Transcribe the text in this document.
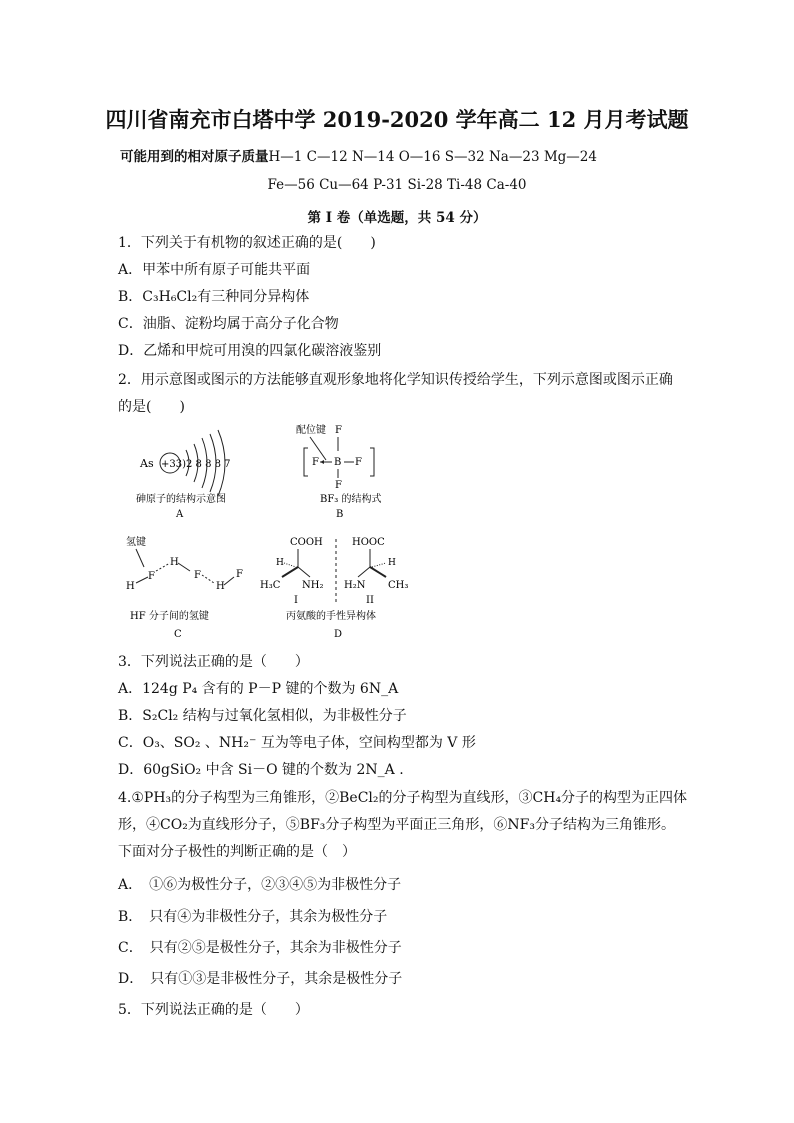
四川省南充市白塔中学 2019-2020 学年高二 12 月月考试题
可能用到的相对原子质量H—1 C—12 N—14 O—16 S—32 Na—23 Mg—24
Fe—56 Cu—64 P-31 Si-28 Ti-48 Ca-40
第 I 卷（单选题，共 54 分）
1．下列关于有机物的叙述正确的是(　　)
A．甲苯中所有原子可能共平面
B．C₃H₆Cl₂有三种同分异构体
C．油脂、淀粉均属于高分子化合物
D．乙烯和甲烷可用溴的四氯化碳溶液鉴别
2．用示意图或图示的方法能够直观形象地将化学知识传授给学生，下列示意图或图示正确
的是(　　)
As +33)2 8 8 8 7
砷原子的结构示意图
A
配位键 F
F B F
F
BF₃ 的结构式
B
氢键
H
F
H
F
H
F
HF 分子间的氢键
C
COOH
H
H₃C NH₂
I
HOOC
H
H₂N CH₃
II
丙氨酸的手性异构体
D
3．下列说法正确的是（　　）
A．124g P₄ 含有的 P－P 键的个数为 6N_A
B．S₂Cl₂ 结构与过氧化氢相似，为非极性分子
C．O₃、SO₂ 、NH₂⁻ 互为等电子体，空间构型都为 V 形
D．60gSiO₂ 中含 Si－O 键的个数为 2N_A .
4.①PH₃的分子构型为三角锥形，②BeCl₂的分子构型为直线形，③CH₄分子的构型为正四体
形，④CO₂为直线形分子，⑤BF₃分子构型为平面正三角形，⑥NF₃分子结构为三角锥形。
下面对分子极性的判断正确的是（　）
A．　①⑥为极性分子，②③④⑤为非极性分子
B．　只有④为非极性分子，其余为极性分子
C．　只有②⑤是极性分子，其余为非极性分子
D．　只有①③是非极性分子，其余是极性分子
5．下列说法正确的是（　　）
